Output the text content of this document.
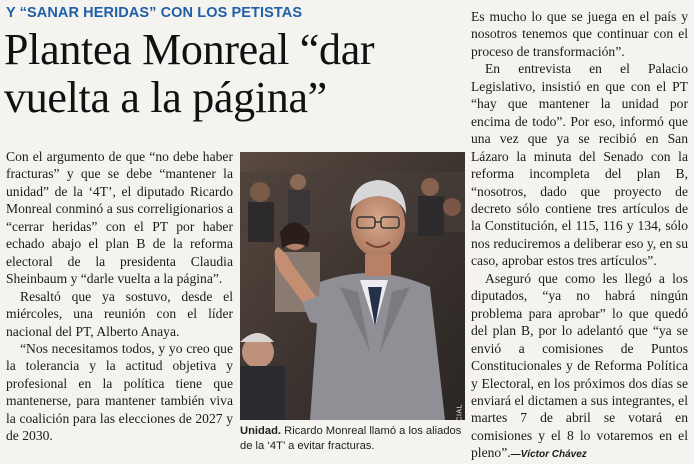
Y “SANAR HERIDAS” CON LOS PETISTAS
Plantea Monreal “dar vuelta a la página”

Con el argumento de que “no debe haber fracturas” y que se debe “mantener la unidad” de la ‘4T’, el diputado Ricardo Monreal conminó a sus correligionarios a “cerrar heridas” con el PT por haber echado abajo el plan B de la reforma electoral de la presidenta Claudia Sheinbaum y “darle vuelta a la página”.

Resaltó que ya sostuvo, desde el miércoles, una reunión con el líder nacional del PT, Alberto Anaya.

“Nos necesitamos todos, y yo creo que la tolerancia y la actitud objetiva y profesional en la política tiene que mantenerse, para mantener también viva la coalición para las elecciones de 2027 y de 2030.	ESPECIAL
Unidad. Ricardo Monreal llamó a los aliados de la ‘4T’ a evitar fracturas.

Es mucho lo que se juega en el país y nosotros tenemos que continuar con el proceso de transformación”.

En entrevista en el Palacio Legislativo, insistió en que con el PT “hay que mantener la unidad por encima de todo”. Por eso, informó que una vez que ya se recibió en San Lázaro la minuta del Senado con la reforma incompleta del plan B, “nosotros, dado que proyecto de decreto sólo contiene tres artículos de la Constitución, el 115, 116 y 134, sólo nos reduciremos a deliberar eso y, en su caso, aprobar estos tres artículos”.

Aseguró que como les llegó a los diputados, “ya no habrá ningún problema para aprobar” lo que quedó del plan B, por lo adelantó que “ya se envió a comisiones de Puntos Constitucionales y de Reforma Política y Electoral, en los próximos dos días se enviará el dictamen a sus integrantes, el martes 7 de abril se votará en comisiones y el 8 lo votaremos en el pleno”.—Víctor Chávez
